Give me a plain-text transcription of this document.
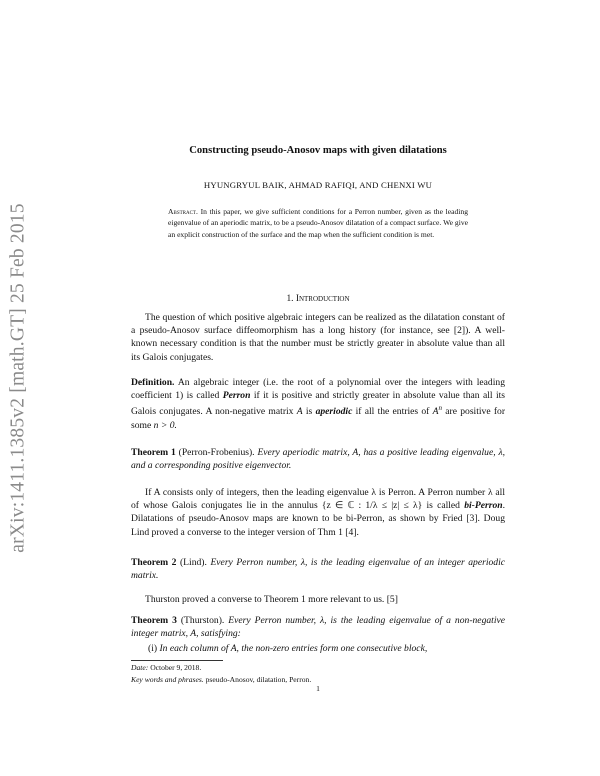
arXiv:1411.1385v2 [math.GT] 25 Feb 2015
Constructing pseudo-Anosov maps with given dilatations
HYUNGRYUL BAIK, AHMAD RAFIQI, AND CHENXI WU
Abstract. In this paper, we give sufficient conditions for a Perron number, given as the leading eigenvalue of an aperiodic matrix, to be a pseudo-Anosov dilatation of a compact surface. We give an explicit construction of the surface and the map when the sufficient condition is met.
1. Introduction
The question of which positive algebraic integers can be realized as the dilatation constant of a pseudo-Anosov surface diffeomorphism has a long history (for instance, see [2]). A well-known necessary condition is that the number must be strictly greater in absolute value than all its Galois conjugates.
Definition. An algebraic integer (i.e. the root of a polynomial over the integers with leading coefficient 1) is called Perron if it is positive and strictly greater in absolute value than all its Galois conjugates. A non-negative matrix A is aperiodic if all the entries of $A^n$ are positive for some n > 0.
Theorem 1 (Perron-Frobenius). Every aperiodic matrix, A, has a positive leading eigenvalue, λ, and a corresponding positive eigenvector.
If A consists only of integers, then the leading eigenvalue λ is Perron. A Perron number λ all of whose Galois conjugates lie in the annulus {z ∈ ℂ : 1/λ ≤ |z| ≤ λ} is called bi-Perron. Dilatations of pseudo-Anosov maps are known to be bi-Perron, as shown by Fried [3]. Doug Lind proved a converse to the integer version of Thm 1 [4].
Theorem 2 (Lind). Every Perron number, λ, is the leading eigenvalue of an integer aperiodic matrix.
Thurston proved a converse to Theorem 1 more relevant to us. [5]
Theorem 3 (Thurston). Every Perron number, λ, is the leading eigenvalue of a non-negative integer matrix, A, satisfying:
(i) In each column of A, the non-zero entries form one consecutive block,
Date: October 9, 2018.
Key words and phrases. pseudo-Anosov, dilatation, Perron.
1
